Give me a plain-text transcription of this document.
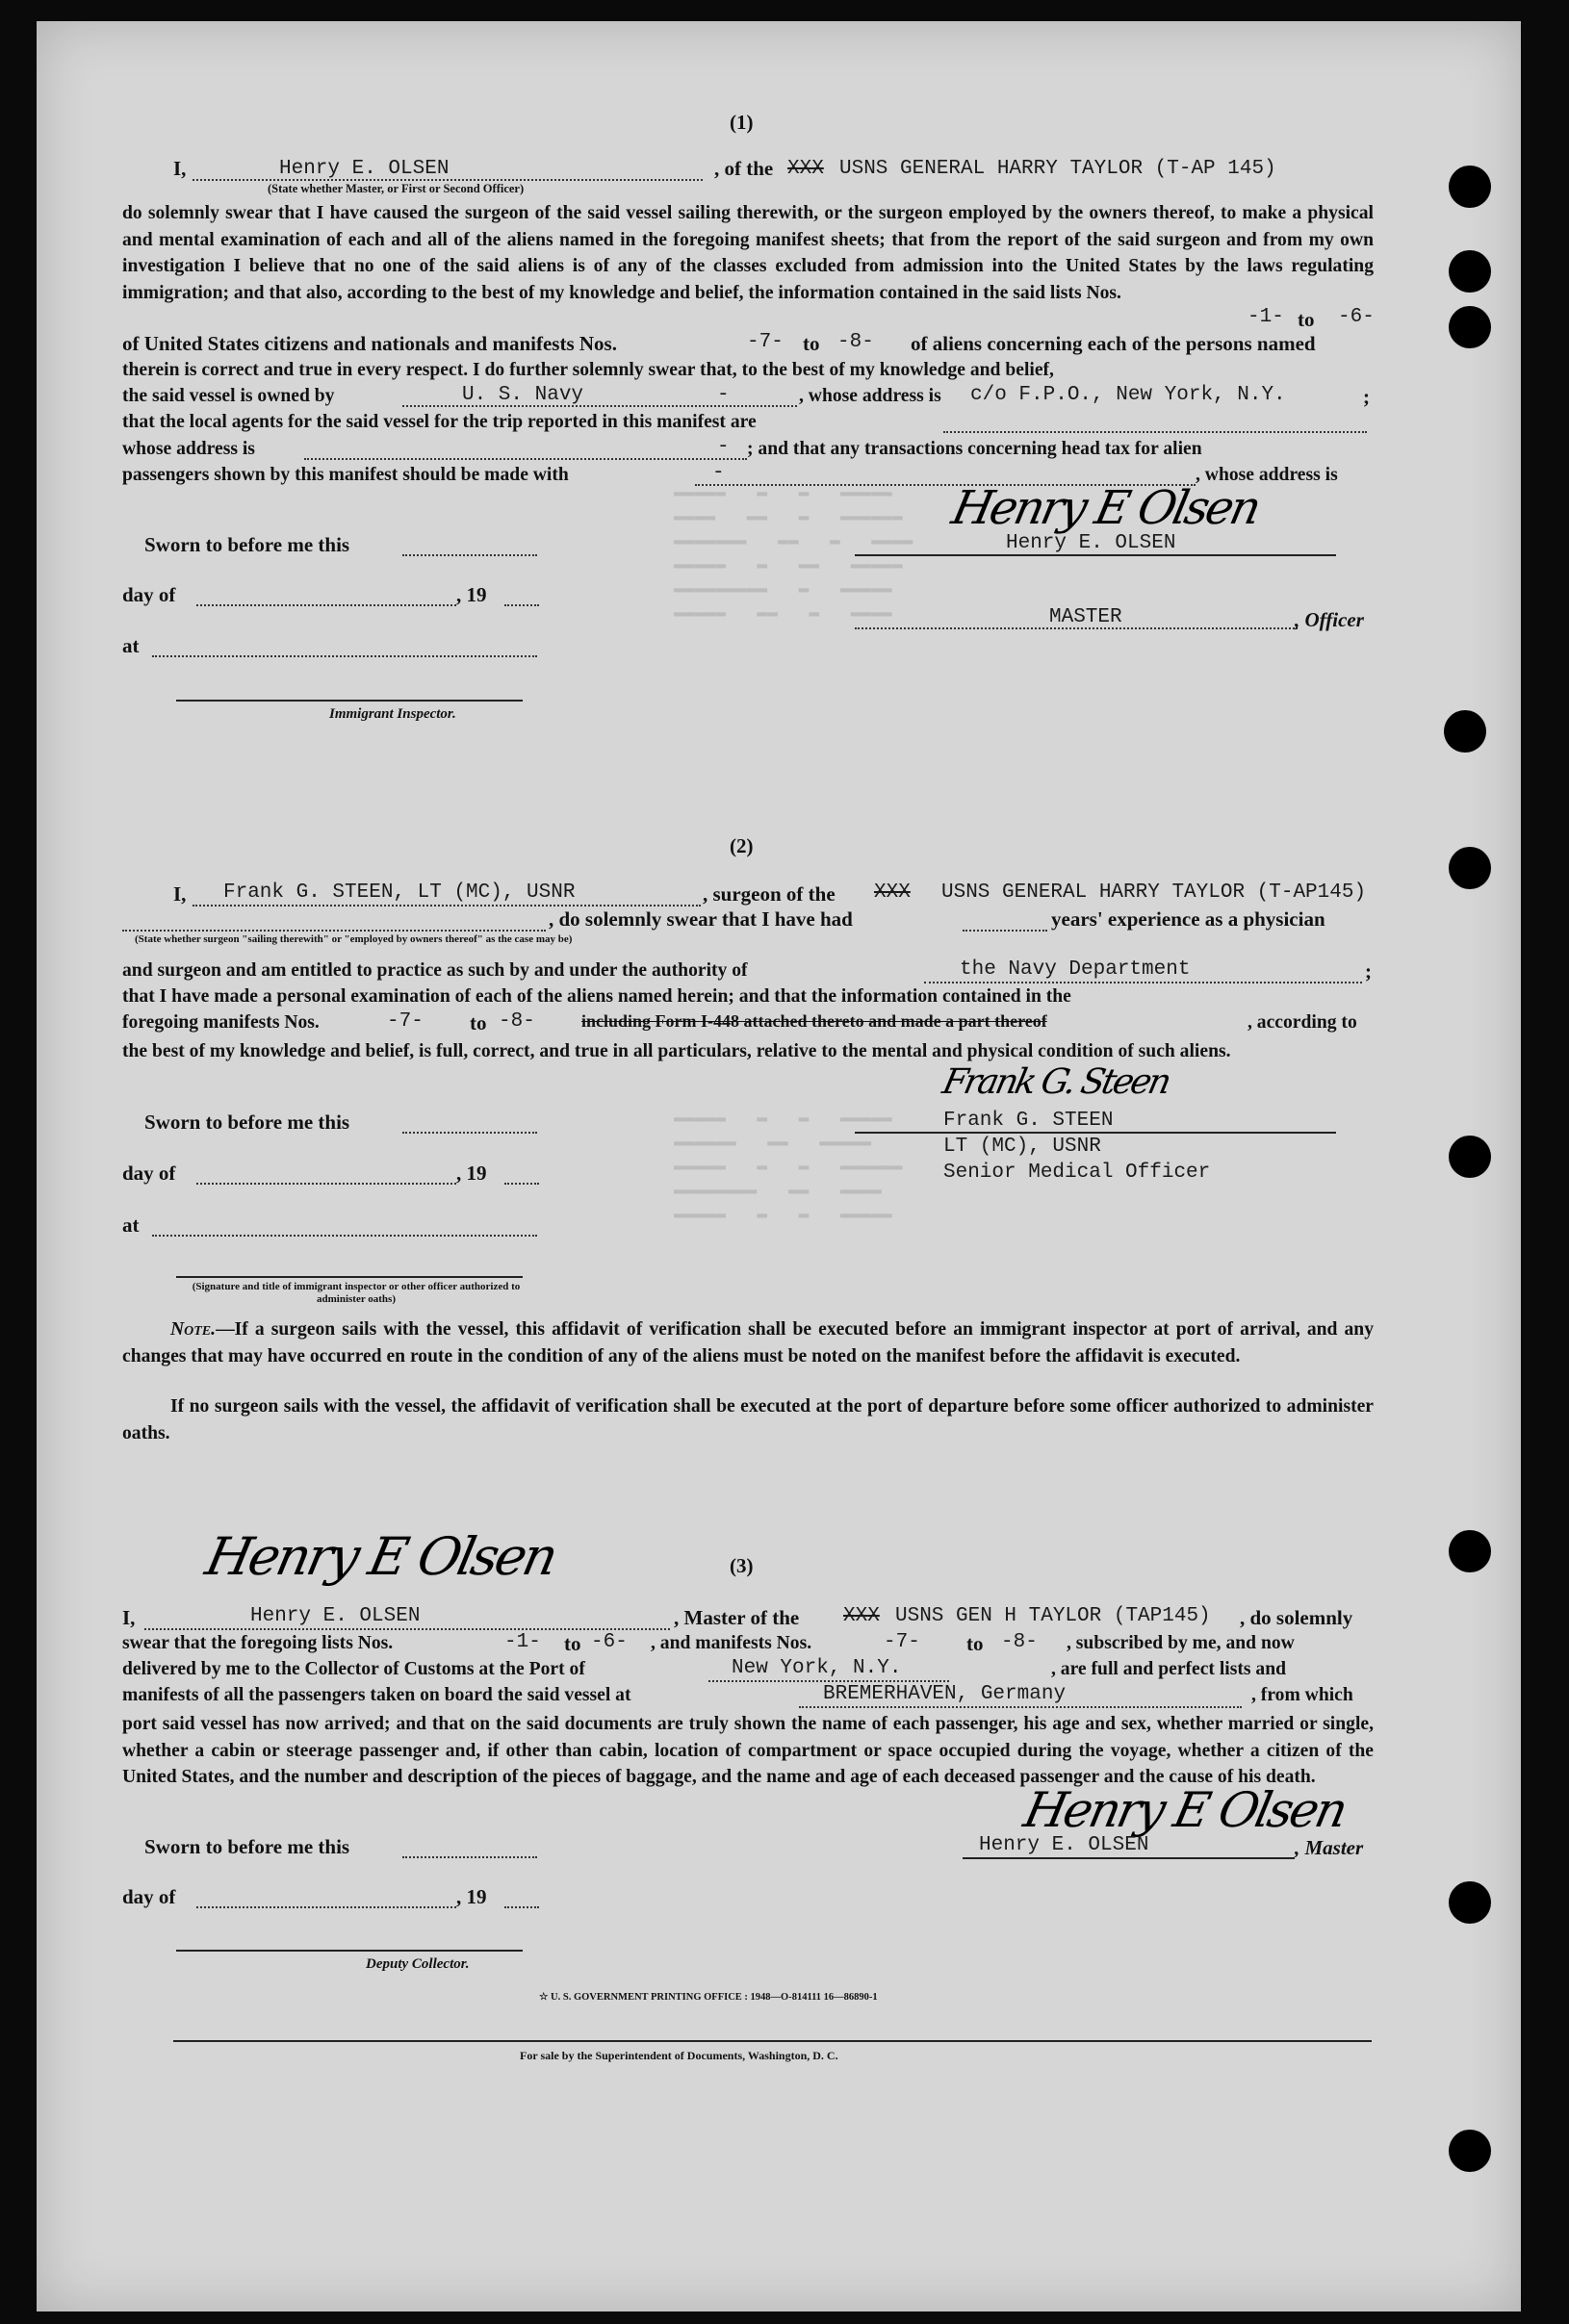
▬▬▬▬▬   ▬   ▬   ▬▬▬▬▬
▬▬▬▬   ▬▬   ▬   ▬▬▬▬▬▬
▬▬▬▬▬▬▬   ▬▬   ▬   ▬▬▬▬
▬▬▬▬▬   ▬   ▬▬   ▬▬▬▬▬
▬▬▬▬▬▬▬▬▬   ▬   ▬▬▬▬▬
▬▬▬▬▬   ▬▬   ▬   ▬▬▬▬
▬▬▬▬▬   ▬   ▬   ▬▬▬▬▬
▬▬▬▬▬▬   ▬▬   ▬▬▬▬▬
▬▬▬▬▬   ▬   ▬   ▬▬▬▬▬▬
▬▬▬▬▬▬▬▬   ▬▬   ▬▬▬▬
▬▬▬▬▬   ▬   ▬   ▬▬▬▬▬
(1)
I,	Henry E. OLSEN	, of the XXX USNS GENERAL HARRY TAYLOR (T-AP 145)
(State whether Master, or First or Second Officer)
do solemnly swear that I have caused the surgeon of the said vessel sailing therewith, or the surgeon employed by the owners thereof, to make a physical and mental examination of each and all of the aliens named in the foregoing manifest sheets; that from the report of the said surgeon and from my own investigation I believe that no one of the said aliens is of any of the classes excluded from admission into the United States by the laws regulating immigration; and that also, according to the best of my knowledge and belief, the information contained in the said lists Nos.
-1- to -6-
of United States citizens and nationals and manifests Nos.	-7- to -8- of aliens concerning each of the persons named
therein is correct and true in every respect. I do further solemnly swear that, to the best of my knowledge and belief,
the said vessel is owned by	U. S. Navy	-	, whose address is c/o F.P.O., New York, N.Y.	;
that the local agents for the said vessel for the trip reported in this manifest are
whose address is	- ; and that any transactions concerning head tax for alien
passengers shown by this manifest should be made with	-	, whose address is
Sworn to before me this
day of	, 19
at
Immigrant Inspector.
Henry E Olsen
Henry E. OLSEN
MASTER	, Officer
(2)
I, Frank G. STEEN, LT (MC), USNR	, surgeon of the XXX USNS GENERAL HARRY TAYLOR (T-AP145)
, do solemnly swear that I have had	years' experience as a physician
(State whether surgeon "sailing therewith" or "employed by owners thereof" as the case may be)
and surgeon and am entitled to practice as such by and under the authority of	the Navy Department	;
that I have made a personal examination of each of the aliens named herein; and that the information contained in the
foregoing manifests Nos.	-7- to -8-	including Form I-448 attached thereto and made a part thereof	, according to
the best of my knowledge and belief, is full, correct, and true in all particulars, relative to the mental and physical condition of such aliens.
Sworn to before me this
day of	, 19
at
(Signature and title of immigrant inspector or other officer authorized to administer oaths)
Frank G. Steen
Frank G. STEEN
LT (MC), USNR
Senior Medical Officer
Note.—If a surgeon sails with the vessel, this affidavit of verification shall be executed before an immigrant inspector at port of arrival, and any changes that may have occurred en route in the condition of any of the aliens must be noted on the manifest before the affidavit is executed.
If no surgeon sails with the vessel, the affidavit of verification shall be executed at the port of departure before some officer authorized to administer oaths.
Henry E Olsen	(3)
I,	Henry E. OLSEN	, Master of the XXX USNS GEN H TAYLOR (TAP145) , do solemnly
swear that the foregoing lists Nos.	-1- to -6- , and manifests Nos.	-7- to -8- , subscribed by me, and now
delivered by me to the Collector of Customs at the Port of	New York, N.Y.	, are full and perfect lists and
manifests of all the passengers taken on board the said vessel at	BREMERHAVEN, Germany	, from which
port said vessel has now arrived; and that on the said documents are truly shown the name of each passenger, his age and sex, whether married or single, whether a cabin or steerage passenger and, if other than cabin, location of compartment or space occupied during the voyage, whether a citizen of the United States, and the number and description of the pieces of baggage, and the name and age of each deceased passenger and the cause of his death.
Sworn to before me this
day of	, 19
Deputy Collector.
Henry E Olsen
Henry E. OLSEN	, Master
☆ U. S. GOVERNMENT PRINTING OFFICE : 1948—O-814111 16—86890-1
For sale by the Superintendent of Documents, Washington, D. C.
